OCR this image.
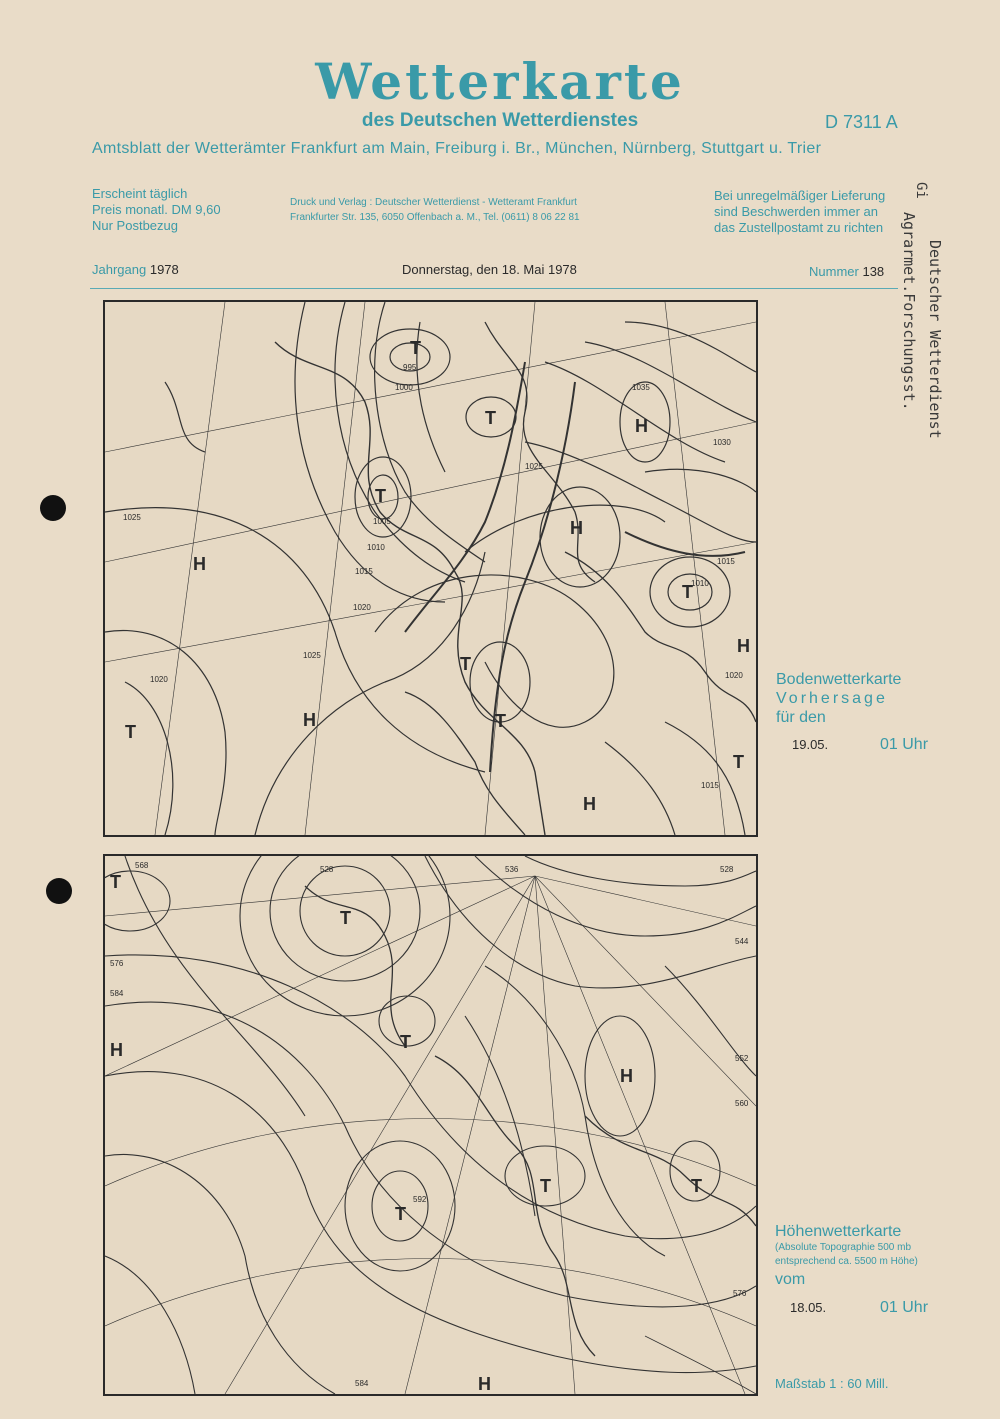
Wetterkarte
des Deutschen Wetterdienstes	D 7311 A
Amtsblatt der Wetterämter Frankfurt am Main, Freiburg i. Br., München, Nürnberg, Stuttgart u. Trier
Erscheint täglich
Preis monatl. DM 9,60
Nur Postbezug
Druck und Verlag : Deutscher Wetterdienst - Wetteramt Frankfurt
Frankfurter Str. 135, 6050 Offenbach a. M., Tel. (0611) 8 06 22 81
Bei unregelmäßiger Lieferung
sind Beschwerden immer an
das Zustellpostamt zu richten
Jahrgang 1978	Donnerstag, den 18. Mai 1978	Nummer 138	Deutscher Wetterdienst
Agrarmet.Forschungsst.
Gi
T
T
T
T
T
T
T
T
H
H
H
H
H
H
995
1000
1005
1010
1015
1020
1025
1025
1030
1035
1010
1015
1020
1025
1020
1015
Bodenwetterkarte
Vorhersage
für den
19.05.	01 Uhr
T
T
T
T	T
T
H
H
H
528	536
544
552
560
568
576
584
592
528
584
576
Höhenwetterkarte
(Absolute Topographie 500 mb
entsprechend ca. 5500 m Höhe)
vom
18.05.	01 Uhr
Maßstab 1 : 60 Mill.
